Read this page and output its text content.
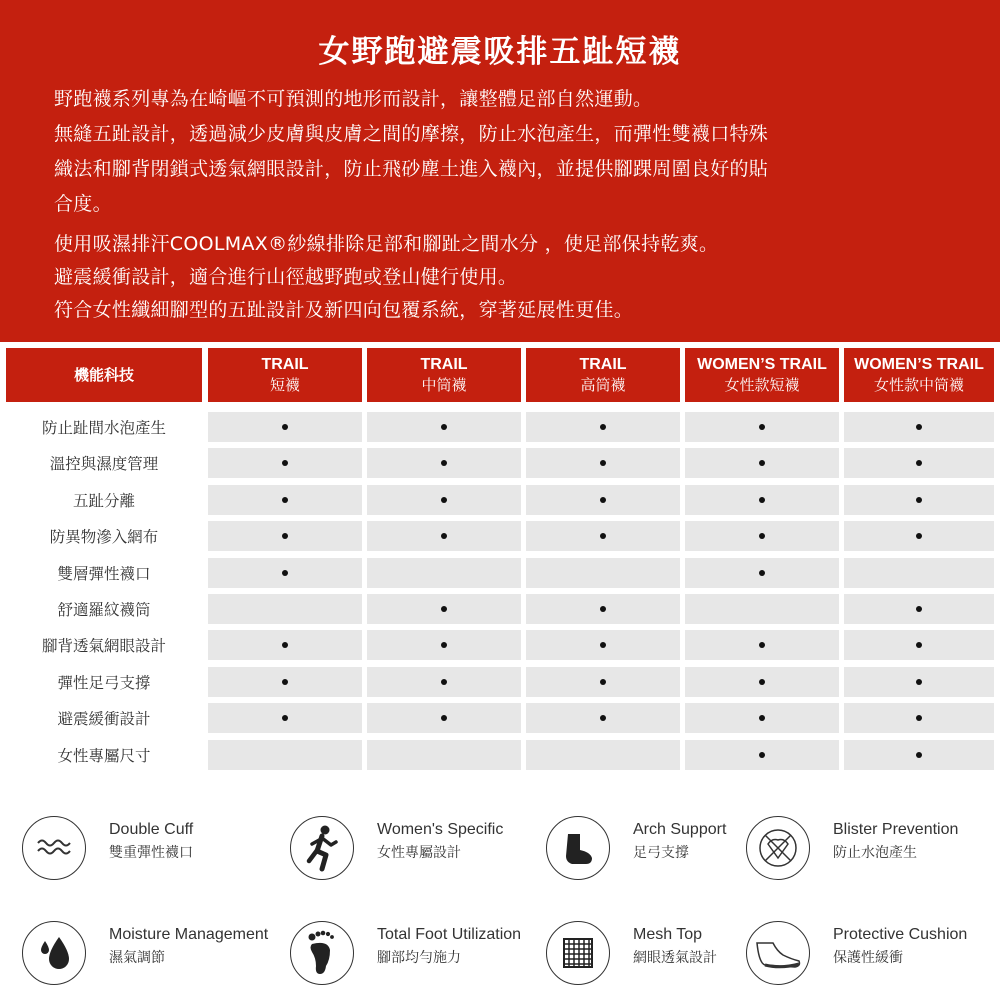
女野跑避震吸排五趾短襪
野跑襪系列專為在崎嶇不可預測的地形而設計，讓整體足部自然運動。
無縫五趾設計，透過減少皮膚與皮膚之間的摩擦，防止水泡產生，而彈性雙襪口特殊
織法和腳背閉鎖式透氣網眼設計，防止飛砂塵土進入襪內，並提供腳踝周圍良好的貼
合度。
使用吸濕排汗COOLMAX®紗線排除足部和腳趾之間水分 ，使足部保持乾爽。
避震緩衝設計，適合進行山徑越野跑或登山健行使用。
符合女性纖細腳型的五趾設計及新四向包覆系統，穿著延展性更佳。
機能科技
TRAIL
短襪
TRAIL
中筒襪
TRAIL
高筒襪
WOMEN’S TRAIL
女性款短襪
WOMEN’S TRAIL
女性款中筒襪
防止趾間水泡產生
溫控與濕度管理
五趾分離
防異物滲入網布
雙層彈性襪口
舒適羅紋襪筒
腳背透氣網眼設計
彈性足弓支撐
避震緩衝設計
女性專屬尺寸
Double Cuff
雙重彈性襪口
Women's Specific
女性專屬設計
Arch Support
足弓支撐
Blister Prevention
防止水泡產生
Moisture Management
濕氣調節
Total Foot Utilization
腳部均勻施力
Mesh Top
網眼透氣設計
Protective Cushion
保護性緩衝
